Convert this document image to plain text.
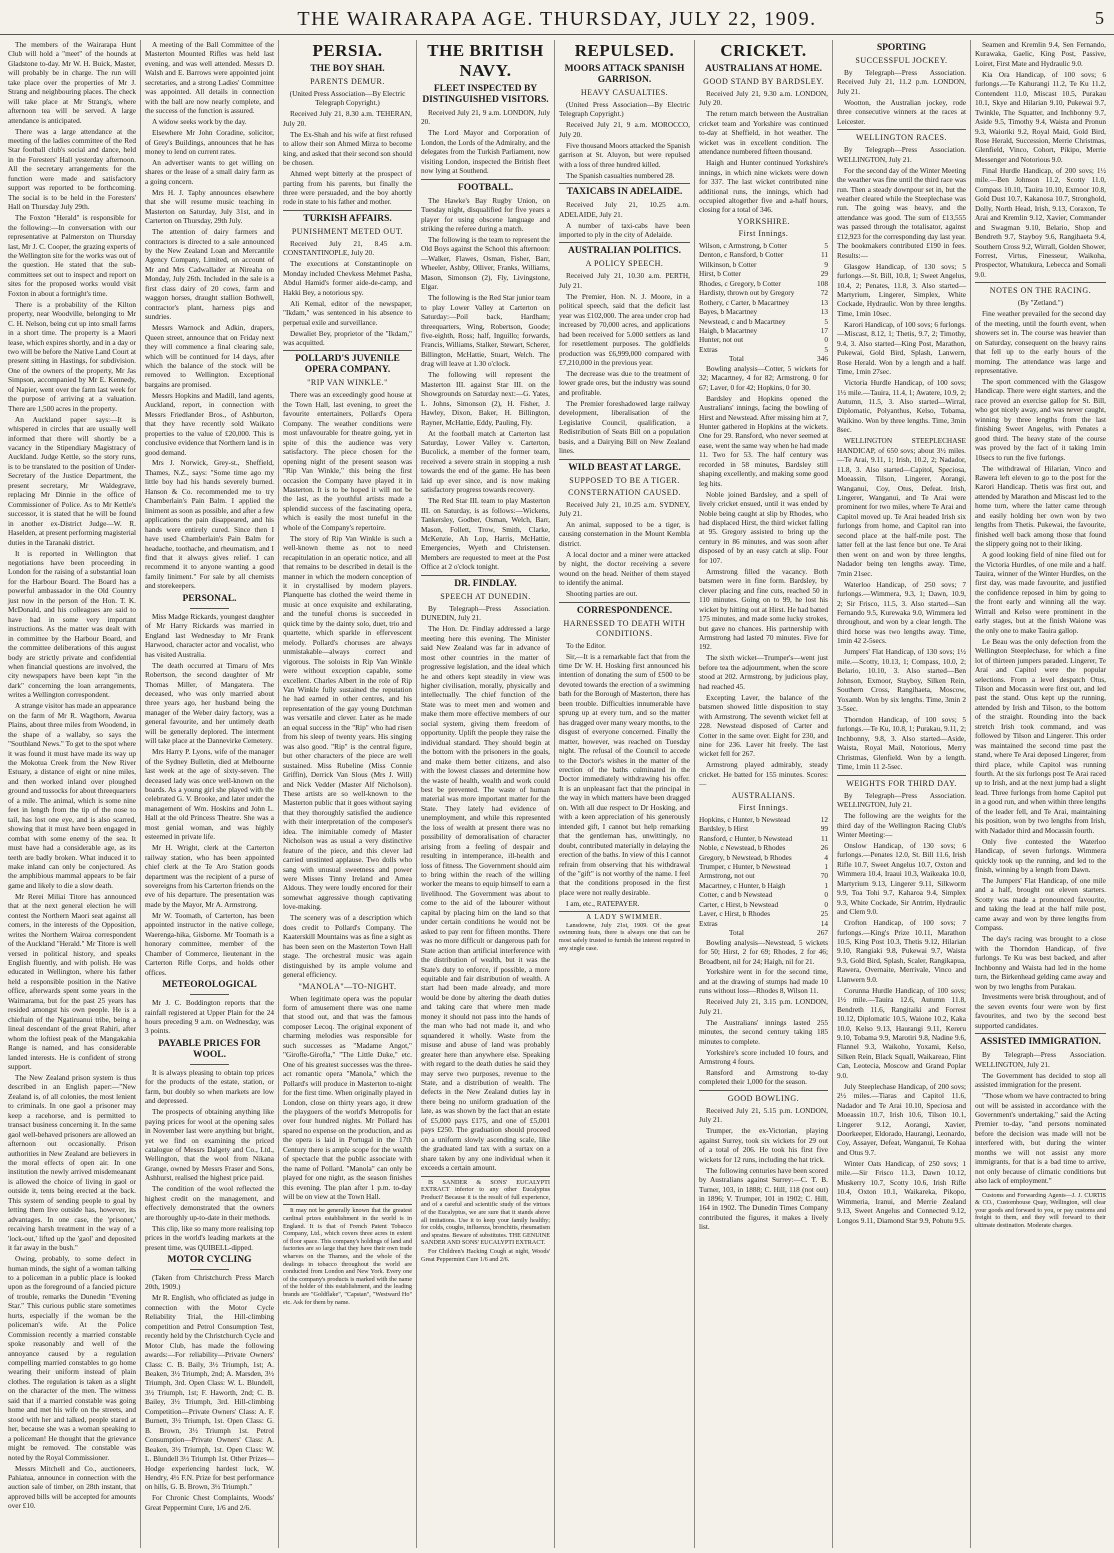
THE WAIRARAPA AGE. THURSDAY, JULY 22, 1909.	5

The members of the Wairarapa Hunt Club will hold a "meet" of the hounds at Gladstone to-day. Mr W. H. Buick, Master, will probably be in charge. The run will take place over the properties of Mr J. Strang and neighbouring places. The check will take place at Mr Strang's, where afternoon tea will be served. A large attendance is anticipated.

There was a large attendance at the meeting of the ladies committee of the Red Star football club's social and dance, held in the Foresters' Hall yesterday afternoon. All the secretary arrangements for the function were made and satisfactory support was reported to be forthcoming. The social is to be held in the Foresters' Hall on Thursday July 29th.

The Foxton "Herald" is responsible for the following:—In conversation with our representative at Palmerston on Thursday last, Mr J. C. Cooper, the grazing experts of the Wellington site for the works was out of the question. He stated that the sub-committees set out to inspect and report on sites for the proposed works would visit Foxton in about a fortnight's time.

There is a probability of the Kilton property, near Woodville, belonging to Mr C. H. Nelson, being cut up into small farms in a short time. The property is a Maori lease, which expires shortly, and in a day or two will be before the Native Land Court at present sitting in Hastings, for subdivision. One of the owners of the property, Mr Jas Simpson, accompanied by Mr E. Kennedy, of Napier, went over the farm last week for the purpose of arriving at a valuation. There are 1,500 acres in the property.

An Auckland paper says:—It is whispered in circles that are usually well informed that there will shortly be a vacancy in the Stipendiary Magistracy of Auckland. Judge Kettle, so the story runs, is to be translated to the position of Under-Secretary of the Justice Department, the present secretary, Mr Waldegrave, replacing Mr Dinnie in the office of Commissioner of Police. As to Mr Kettle's successor, it is stated that he will be found in another ex-District Judge—W. R. Haselden, at present performing magisterial duties in the Taranaki district.

It is reported in Wellington that negotiations have been proceeding in London for the raising of a substantial loan for the Harbour Board. The Board has a powerful ambassador in the Old Country just now in the person of the Hon. T. K. McDonald, and his colleagues are said to have had in some very important instructions. As the matter was dealt with in committee by the Harbour Board, and the committee deliberations of this august body are strictly private and confidential when financial questions are involved, the city newspapers have been kept "in the dark" concerning the loan arrangements, writes a Wellington correspondent.

A strange visitor has made an appearance on the farm of Mr R. Wagthorn, Awarua Plains, about three miles from Woodend, in the shape of a wallaby, so says the "Southland News." To get to the spot where it was found it must have made its way up the Mokotua Creek from the New River Estuary, a distance of eight or nine miles, and then worked inland over ploughed ground and tussocks for about threequarters of a mile. The animal, which is some nine feet in length from the tip of the nose to tail, has lost one eye, and is also scarred, showing that it must have been engaged in combat with some enemy of the sea. It must have had a considerable age, as its teeth are badly broken. What induced it to make inland can only be conjectured. As the amphibious mammal appears to be fair game and likely to die a slow death.

Mr Rerei Miliai Titore has announced that at the next general election he will contest the Northern Maori seat against all comers, in the interests of the Opposition, writes the Northern Wairoa correspondent of the Auckland "Herald." Mr Titore is well versed in political history, and speaks English fluently, and with polish. He was educated in Wellington, where his father held a responsible position in the Native office, afterwards spent some years in the Waimarama, but for the past 25 years has resided amongst his own people. He is a chieftain of the Ngatiruanui tribe, being a lineal descendant of the great Rahiri, after whom the loftiest peak of the Mangakahia Range is named, and has considerable landed interests. He is confident of strong support.

The New Zealand prison system is thus described in an English paper:—"New Zealand is, of all colonies, the most lenient to criminals. In one gaol a prisoner may keep a racehorse, and is permitted to transact business concerning it. In the same gaol well-behaved prisoners are allowed an afternoon out occasionally. Prison authorities in New Zealand are believers in the moral effects of open air. In one institution the newly arrived misdemeanant is allowed the choice of living in gaol or outside it, tents being erected at the back. This system of sending people to goal by letting them live outside has, however, its advantages. In one case, the 'prisoner,' recaiving harsh treatment in the way of a 'lock-out,' lifted up the 'gaol' and deposited it far away in the bush."

Owing, probably, to some defect in human minds, the sight of a woman talking to a policeman in a public place is looked upon as the foreground of a fancied picture of trouble, remarks the Dunedin "Evening Star." This curious public stare sometimes hurts, especially if the woman be the policeman's wife. At the Police Commission recently a married constable spoke reasonably and well of the annoyance caused by a regulation compelling married constables to go home wearing their uniform instead of plain clothes. The regulation is taken as a slight on the character of the men. The witness said that if a married constable was going home and met his wife on the streets, and stood with her and talked, people stared at her, because she was a woman speaking to a policeman! He thought that the grievance might be removed. The constable was noted by the Royal Commissioner.

Messrs Mitchell and Co., auctioneers, Pahiatua, announce in connection with the auction sale of timber, on 28th instant, that approved bills will be accepted for amounts over £10.

A meeting of the Ball Committee of the Masterton Mounted Rifles was held last evening, and was well attended. Messrs D. Walsh and E. Barrows were appointed joint secretaries, and a strong Ladies' Committee was appointed. All details in connection with the ball are now nearly complete, and the success of the function is assured.

A widow seeks work by the day.

Elsewhere Mr John Coradine, solicitor, of Grey's Buildings, announces that he has money to lend on current rates.

An advertiser wants to get willing on shares or the lease of a small dairy farm as a going concern.

Mrs H. J. Taphy announces elsewhere that she will resume music teaching in Masterton on Saturday, July 31st, and in Carterton on Thursday, 29th July.

The attention of dairy farmers and contractors is directed to a sale announced by the New Zealand Loan and Mercantile Agency Company, Limited, on account of Mr and Mrs Cadwallader at Nireaha on Monday, July 26th. Included in the sale is a first class dairy of 20 cows, farm and waggon horses, draught stallion Bothwell, contractor's plant, harness pigs and sundries.

Messrs Warnock and Adkin, drapers, Queen street, announce that on Friday next they will commence a final clearing sale, which will be continued for 14 days, after which the balance of the stock will be removed to Wellington. Exceptional bargains are promised.

Messrs Hopkins and Madill, land agents, Auckland, report, in connection with Messrs Friedlander Bros., of Ashburton, that they have recently sold Waikato properties to the value of £20,000. This is conclusive evidence that Northern land is in good demand.

Mrs J. Norwick, Grey-st., Sheffield, Thames, N.Z., says: "Some time ago my little boy had his hands severely burned. Hanson & Co. recommended me to try Chamberlain's Pain Balm. I applied the liniment as soon as possible, and after a few applications the pain disappeared, and his hands were entirely cured. Since then I have used Chamberlain's Pain Balm for headache, toothache, and rheumatism, and I find that it always gives relief. I can recommend it to anyone wanting a good family liniment." For sale by all chemists and storekeepers.

PERSONAL.

Miss Madge Rickards, youngest daughter of Mr Harry Rickards was married in England last Wednesday to Mr Frank Harwood, character actor and vocalist, who has visited Australia.

The death occurred at Timaru of Mrs Robertson, the second daughter of Mr Thomas Miller, of Mangatera. The deceased, who was only married about three years ago, her husband being the manager of the Weber dairy factory, was a general favourite, and her untimely death will be generally deplored. The interment will take place at the Dannevirke Cemetery.

Mrs Harry P. Lyons, wife of the manager of the Sydney Bulletin, died at Melbourne last week at the age of sixty-seven. The deceased lady was once well-known on the boards. As a young girl she played with the celebrated G. V. Brooke, and later under the management of Wm. Hoskins and John L. Hall at the old Princess Theatre. She was a most genial woman, and was highly esteemed in private life.

Mr H. Wright, clerk at the Carterton railway station, who has been appointed chief clerk at the Te Aro Station goods department was the recipient of a purse of sovereigns from his Carterton friends on the eve of his departure. The presentation was made by the Mayor, Mr A. Armstrong.

Mr W. Toomath, of Carterton, has been appointed instructor in the native college, Waerenga-hika, Gisborne. Mr Toomath is a honorary committee, member of the Chamber of Commerce, lieutenant in the Carterton Rifle Corps, and holds other offices.

METEOROLOGICAL

Mr J. C. Boddington reports that the rainfall registered at Upper Plain for the 24 hours preceding 9 a.m. on Wednesday, was 3 points.

PAYABLE PRICES FOR WOOL.

It is always pleasing to obtain top prices for the products of the estate, station, or farm, but doubly so when markets are low and depressed.

The prospects of obtaining anything like paying prices for wool at the opening sales in November last were anything but bright, yet we find on examining the priced catalogue of Messrs Dalgety and Co., Ltd., Wellington, that the wool from Nikana Grange, owned by Messrs Fraser and Sons, Ashhurst, realised the highest price paid.

The condition of the wool reflected the highest credit on the management, and effectively demonstrated that the owners are thoroughly up-to-date in their methods.

This clip, like so many more realising top prices in the world's leading markets at the present time, was QUIBELL-dipped.

MOTOR CYCLING

(Taken from Christchurch Press March 20th, 1909.)

Mr R. English, who officiated as judge in connection with the Motor Cycle Reliability Trial, the Hill-climbing competition and Petrol Consumption Test, recently held by the Christchurch Cycle and Motor Club, has made the following awards:—For reliability—Private Owners' Class: C. B. Baily, 3½ Triumph, 1st; A. Beaken, 3½ Triumph, 2nd; A. Marsden, 3½ Triumph, 3rd. Open Class: W. L. Blundell, 3½ Triumph, 1st; F. Haworth, 2nd; C. B. Bailey, 3½ Triumph, 3rd. Hill-climbing Competition—Private Owners' Class: A. F. Burnett, 3½ Triumph, 1st. Open Class: G. B. Brown, 3½ Triumph 1st. Petrol Consumption—Private Owners' Class: A. Beaken, 3½ Triumph, 1st. Open Class: W. L. Blundell 3½ Triumph 1st. Other Prizes—Hodge experiencing hardest luck, W. Hendry, 4½ F.N. Prize for best performance on hills, G. B. Brown, 3½ Triumph."

For Chronic Chest Complaints, Woods' Great Peppermint Cure, 1/6 and 2/6.

PERSIA.
THE BOY SHAH.
PARENTS DEMUR.

(United Press Association—By Electric Telegraph Copyright.)

Received July 21, 8.30 a.m. TEHERAN, July 20.

The Ex-Shah and his wife at first refused to allow their son Ahmed Mirza to become king, and asked that their second son should be chosen.

Ahmed wept bitterly at the prospect of parting from his parents, but finally the three were persuaded, and the boy ahortly rode in state to his father and mother.

TURKISH AFFAIRS.
PUNISHMENT METED OUT.

Received July 21, 8.45 a.m. CONSTANTINOPLE, July 20.

The executions at Constantinople on Monday included Chevkess Mehmet Pasha, Abdul Hamid's former aide-de-camp, and Hakki Bey, a notorious spy.

Ali Kemal, editor of the newspaper, "Ikdam," was sentenced in his absence to perpetual exile and surveillance.

Dewaliet Bey, proprietor of the "Ikdam," was acquitted.

POLLARD'S JUVENILE OPERA COMPANY.
"RIP VAN WINKLE."

There was an exceedingly good house at the Town Hall, last evening, to greet the favourite entertainers, Pollard's Opera Company. The weather conditions were most unfavourable for theatre going, yet in spite of this the audience was very satisfactory. The piece chosen for the opening night of the present season was "Rip Van Winkle," this being the first occasion the Company have played it in Masterton. It is to be hoped it will not be the last, as the youthful artists made a splendid success of the fascinating opera, which is easily the most tuneful in the whole of the Company's repertoire.

The story of Rip Van Winkle is such a well-known theme as not to need recapitulation in an operatic notice, and all that remains to be described in detail is the manner in which the modern conception of it in crystallised by modern players. Planquette has clothed the weird theme in music at once exquisite and exhilarating, and the tuneful chorus is succeeded in quick time by the dainty solo, duet, trio and quartette, which sparkle in effervescent melody. Pollard's choruses are always unmistakable—always correct and vigorous. The soloists in Rip Van Winkle were without exception capable, some excellent. Charles Albert in the role of Rip Van Winkle fully sustained the reputation he had earned in other centres, and his representation of the gay young Dutchman was versatile and clever. Later as he made an equal success in the "Rip" who had risen from his sleep of twenty years. His singing was also good. "Rip" is the central figure, but other characters of the piece are well sustained. Miss Rubeline (Miss Connie Griffin), Derrick Van Slous (Mrs J. Will) and Nick Vedder (Master Alf Nicholson). These artists are so well-known to the Masterton public that it goes without saying that they thoroughly satisfied the audience with their interpretation of the composer's idea. The inimitable comedy of Master Nicholson was as usual a very distinctive feature of the piece, and this clever lad carried unstinted applause. Two dolls who sang with unusual sweetness and power were Misses Tinny Ireland and Amea Aldous. They were loudly encored for their somewhat aggressive though captivating love-making.

The scenery was of a description which does credit to Pollard's Company. The Kaaterskill Mountains was as fine a sight as has been seen on the Masterton Town Hall stage. The orchestral music was again distinguished by its ample volume and general efficiency.

"MANOLA"—TO-NIGHT.

When legitimate opera was the popular form of amusement there was one name that stood out, and that was the famous composer Lecoq. The original exponent of charming melodies was responsible for such successes as "Madame Angot," "Girofle-Girofla," "The Little Duke," etc. One of his greatest successes was the three-act romantic opera "Manola," which the Pollard's will produce in Masterton to-night for the first time. When originally played in London, close on thirty years ago, it drew the playgoers of the world's Metropolis for over four hundred nights. Mr Pollard has spared no expense on the production, and as the opera is laid in Portugal in the 17th Century there is ample scope for the wealth of spectacle that the public associate with the name of Pollard. "Manola" can only be played for one night, as the season finishes this evening. The plan after 1 p.m. to-day will be on view at the Town Hall.

It may not be generally known that the greatest cardinal prizes establishment in the world is in England. It is that of French Patent Tobacco Company, Ltd., which covers three acres in extent of floor space. This company's holdings of land and factories are so large that they have their own trade wharves on the Thames, and the whole of the dealings in tobacco throughout the world are conducted from London and New York. Every one of the company's products is marked with the name of the holder of this establishment, and the leading brands are "Goldflake", "Capstan", "Westward Ho" etc. Ask for them by name.

THE BRITISH NAVY.
FLEET INSPECTED BY DISTINGUISHED VISITORS.

Received July 21, 9 a.m. LONDON, July 20.

The Lord Mayor and Corporation of London, the Lords of the Admiralty, and the delegates from the Turkish Parliament, now visiting London, inspected the British fleet now lying at Southend.

FOOTBALL.

The Hawke's Bay Rugby Union, on Tuesday night, disqualified for five years a player for using obscene language and striking the referee during a match.

The following is the team to represent the Old Boys against the School this afternoon:—Walker, Flawes, Osman, Fisher, Barr, Wheeler, Ashby, Olliver, Franks, Williams, Mason, Simonson (2), Fly, Livingstone, Elgar.

The following is the Red Star junior team to play Lower Valley at Carterton on Saturday:—Poil back, Hardham; threequarters, Wing, Robertson, Goode; five-eighth, Ross; half, Inguillo; forwards, Francis, Williams, Stalker, Stewart, Scherer, Billington, McHattie, Stuart, Welch. The drag will leave at 1.30 o'clock.

The following will represent the Masterton III. against Star III. on the Showgrounds on Saturday next:—G. Yates, L. Johns, Simonson (2), H. Fisher, J. Hawley, Dixon, Baker, H. Billington, Rayner, McHattie, Eddy, Pauling, Fly.

At the football match at Carterton last Saturday, Lower Valley v. Carterton, Bucolick, a member of the former team, received a severe strain in stopping a rush towards the end of the game. He has been laid up ever since, and is now making satisfactory progress towards recovery.

The Red Star III. team to play Masterton III. on Saturday, is as follows:—Wickens, Tankersley, Godber, Osman, Welch, Barr, Mason, Follett, Trow, Smith, Clarke, McKenzie, Ah Lop, Harris, McHattie, Emergencies, Wyeth and Christensen. Members are requested to meet at the Post Office at 2 o'clock tonight.

DR. FINDLAY.
SPEECH AT DUNEDIN.

By Telegraph—Press Association. DUNEDIN, July 21.

The Hon. Dr. Findlay addressed a large meeting here this evening. The Minister said New Zealand was far in advance of most other countries in the matter of progressive legislation, and the ideal which he and others kept steadily in view was higher civilisation, morally, physically and intellectually. The chief function of the State was to meet men and women and make them more effective members of our social system, giving them freedom of opportunity. Uplift the people they raise the individual standard. They should begin at the bottom with the prisoners in the goals, and make them better citizens, and also with the lowest classes and determine how the waste of health, wealth and work could best be prevented. The waste of human material was more important matter for the State. They lately had evidence of unemployment, and while this represented the loss of wealth at present there was no possibility of demoralisation of character arising from a feeling of despair and resulting in intemperance, ill-health and loss of fitness. The Government should aim to bring within the reach of the willing worker the means to equip himself to earn a livelihood. The Government was about to come to the aid of the labourer without capital by placing him on the land so that under certain conditions he would not be asked to pay rent for fifteen months. There was no more difficult or dangerous path for State action than artificial interference with the distribution of wealth, but it was the State's duty to enforce, if possible, a more equitable and fair distribution of wealth. A start had been made already, and more would be done by altering the death duties and taking care that where men made money it should not pass into the hands of the man who had not made it, and who squandered it wholly. Waste from the misuse and abuse of land was probably greater here than anywhere else. Speaking with regard to the death duties he said they may serve two purposes, revenue to the State, and a distribution of wealth. The defects in the New Zealand duties lay in there being no uniform graduation of the late, as was shown by the fact that an estate of £5,000 pays £175, and one of £5,001 pays £250. The graduation should proceed on a uniform slowly ascending scale, like the graduated land tax with a surtax on a share taken by any one individual when it exceeds a certain amount.

IS SANDER & SONS' EUCALYPTI EXTRACT inferior to any other Eucalyptus Product? Because it is the result of full experience, and of a careful and scientific study of the virtues of the Eucalyptus, we are sure that it stands above all imitations. Use it to keep your family healthy; for colds, coughs, influenza, bronchitis, rheumatism and sprains. Beware of substitutes. THE GENUINE SANDER AND SONS' EUCALYPTI EXTRACT.

For Children's Hacking Cough at night, Woods' Great Peppermint Cure 1/6 and 2/6.

REPULSED.
MOORS ATTACK SPANISH GARRISON.
HEAVY CASUALTIES.

(United Press Association—By Electric Telegraph Copyright.)

Received July 21, 9 a.m. MOROCCO, July 20.

Five thousand Moors attacked the Spanish garrison at St. Aluyon, but were repulsed with a loss of three hundred killed.

The Spanish casualties numbered 28.

TAXICABS IN ADELAIDE.

Received July 21, 10.25 a.m. ADELAIDE, July 21.

A number of taxi-cabs have been imported to ply in the city of Adelaide.

AUSTRALIAN POLITICS.
A POLICY SPEECH.

Received July 21, 10.30 a.m. PERTH, July 21.

The Premier, Hon. N. J. Moore, in a political speech, said that the deficit last year was £102,000. The area under crop had increased by 70,000 acres, and applications had been received for 5.000 settlers as land for resettlement purposes. The goldfields production was £6,999,000 compared with £7,210,000 in the previous year.

The decrease was due to the treatment of lower grade ores, but the industry was sound and profitable.

The Premier foreshadowed large railway development, liberalisation of the Legislative Council, qualification, a Redistribution of Seats Bill on a population basis, and a Dairying Bill on New Zealand lines.

WILD BEAST AT LARGE.
SUPPOSED TO BE A TIGER.
CONSTERNATION CAUSED.

Received July 21, 10.25 a.m. SYDNEY, July 21.

An animal, supposed to be a tiger, is causing consternation in the Mount Kembla district.

A local doctor and a miner were attacked by night, the doctor receiving a severe wound on the head. Neither of them stayed to identify the animal.

Shooting parties are out.

CORRESPONDENCE.
HARNESSED TO DEATH WITH CONDITIONS.

To the Editor.

Sir,—It is a remarkable fact that from the time Dr W. H. Hosking first announced his intention of donating the sum of £500 to be devoted towards the erection of a swimming bath for the Borough of Masterton, there has been trouble. Difficulties innumerable have sprung up at every turn, and so the matter has dragged over many weary months, to the disgust of everyone concerned. Finally the matter, however, was reached on Tuesday night. The refusal of the Council to accede to the Doctor's wishes in the matter of the erection of the baths culminated in the Doctor immediately withdrawing his offer. It is an unpleasant fact that the principal in the way in which matters have been dragged on. With all due respect to Dr Hosking, and with a keen appreciation of his generously intended gift, I cannot but help remarking that the gentleman has, unwittingly, no doubt, contributed materially in delaying the erection of the baths. In view of this I cannot refrain from observing that his withdrawal of the "gift" is not worthy of the name. I feel that the conditions proposed in the first place were not really desirable.

I am, etc., RATEPAYER.

A LADY SWIMMER.

Lansdowne, July 21st, 1909. Of the great swimming feats, there is always one that can be most safely trusted to furnish the interest required in any single case.

CRICKET.
AUSTRALIANS AT HOME.
GOOD STAND BY BARDSLEY.

Received July 21, 9.30 a.m. LONDON, July 20.

The return match between the Australian cricket team and Yorkshire was continued to-day at Sheffield, in hot weather. The wicket was in excellent condition. The attendance numbered fifteen thousand.

Haigh and Hunter continued Yorkshire's innings, in which nine wickets were down for 337. The last wicket contributed nine additional runs, the innings, which had occupied altogether five and a-half hours, closing for a total of 346.

YORKSHIRE.
First Innings.
Wilson, c Armstrong, b Cotter	5
Denton, c Ransford, b Cotter	11
Wilkinson, b Cotter	9
Hirst, b Cotter	29
Rhodes, c Gregory, b Cotter	108
Hardisty, thrown out by Gregory	72
Rothery, c Carter, b Macartney	13
Bayes, b Macartney	13
Newstead, c and b Macartney	5
Haigh, b Macartney	17
Hunter, not out	0
Extras	5
Total	346

Bowling analysis—Cotter, 5 wickets for 32; Macartney, 4 for 82; Armstrong, 0 for 67; Laver, 0 for 42; Hopkins, 0 for 30.

Bardsley and Hopkins opened the Australians' innings, facing the bowling of Hirst and Newstead. After missing him at 7, Hunter gathered in Hopkins at the wickets. One for 29. Ransford, who never seemed at ease, went the same way when he had made 11. Two for 53. The half century was recorded in 58 minutes, Bardsley still shaping excellently, and making some good leg hits.

Noble joined Bardsley, and a spell of lively cricket ensued, until it was ended by Noble being caught at slip by Rhodes, who had displaced Hirst, the third wicket falling at 95. Gregory assisted to bring up the century in 86 minutes, and was soon after disposed of by an easy catch at slip. Four for 107.

Armstrong filled the vacancy. Both batsmen were in fine form. Bardsley, by clever placing and fine cuts, reached 50 in 110 minutes. Going on to 99, he lost his wicket by hitting out at Hirst. He had batted 175 minutes, and made some lucky strokes, but gave no chances. His partnership with Armstrong had lasted 70 minutes. Five for 192.

The sixth wicket—Trumper's—went just before tea the adjournment, when the score stood at 202. Armstrong, by judicious play, had reached 45.

Excepting Laver, the balance of the batsmen showed little disposition to stay with Armstrong. The seventh wicket fell at 228. Newstead disposed of Carter and Cotter in the same over. Eight for 230, and nine for 236. Laver hit freely. The last wicket fell for 267.

Armstrong played admirably, steady cricket. He batted for 155 minutes. Scores:—

AUSTRALIANS.
First Innings.
Hopkins, c Hunter, b Newstead	12
Bardsley, b Hirst	99
Ransford, c Hunter, b Newstead	11
Noble, c Newstead, b Rhodes	26
Gregory, b Newstead, b Rhodes	4
Trumper, c Hunter, b Newstead	1
Armstrong, not out	70
Macartney, c Hunter, b Haigh	1
Cotter, c and b Newstead	0
Carter, c Hirst, b Newstead	0
Laver, c Hirst, b Rhodes	25
Extras	14
Total	267

Bowling analysis—Newstead, 5 wickets for 50; Hirst, 2 for 69; Rhodes, 2 for 46; Broadbent, nil for 24; Haigh, nil for 21.

Yorkshire went in for the second time, and at the drawing of stumps had made 10 runs without loss—Rhodes 8, Wilson 11.

Received July 21, 3.15 p.m. LONDON, July 21.

The Australians' innings lasted 255 minutes, the second century taking 185 minutes to complete.

Yorkshire's score included 10 fours, and Armstrong 4 fours.

Ransford and Armstrong to-day completed their 1,000 for the season.

GOOD BOWLING.

Received July 21, 5.15 p.m. LONDON, July 21.

Trumper, the ex-Victorian, playing against Surrey, took six wickets for 29 out of a total of 206. He took his first five wickets for 12 runs, including the hat trick.

The following centuries have been scored by Australians against Surrey:—C. T. B. Turner, 103, in 1888; C. Hill, 118 (not out) in 1896; V. Trumper, 101 in 1902; C. Hill, 164 in 1902. The Dunedin Times Company contributed the figures, it makes a lively list.

SPORTING
SUCCESSFUL JOCKEY.

By Telegraph—Press Association. Received July 21, 11.2 p.m. LONDON, July 21.

Wootton, the Australian jockey, rode three consecutive winners at the races at Leicester.

WELLINGTON RACES.

By Telegraph—Press Association. WELLINGTON, July 21.

For the second day of the Winter Meeting the weather was fine until the third race was run. Then a steady downpour set in, but the weather cleared while the Steeplechase was run. The going was heavy, and the attendance was good. The sum of £13,555 was passed through the totalisator, against £12,923 for the corresponding day last year. The bookmakers contributed £190 in fees. Results:—

Glasgow Handicap, of 130 sovs; 5 furlongs.—St. Bill, 10.8, 1; Sweet Angelus, 10.4, 2; Penates, 11.8, 3. Also started—Martyrium, Lingerer, Simplex, White Cockade, Hydraulic. Won by three lengths. Time, 1min 10sec.

Karori Handicap, of 100 sovs; 6 furlongs.—Miscast, 8.12, 1; Thetis, 9.7, 2; Timothy, 9.4, 3. Also started—King Post, Marathon, Pukewai, Gold Bird, Splash, Lanwern, Rose Herald. Won by a length and a half. Time, 1min 27sec.

Victoria Hurdle Handicap, of 100 sovs; 1½ mile.—Tauira, 11.4, 1; Awatere, 10.9, 2; Autumn, 11.5, 3. Also started—Wirral, Diplomatic, Polyanthus, Kelso, Tobama, Waikino. Won by three lengths. Time, 3min 8sec.

WELLINGTON STEEPLECHASE HANDICAP, of 650 sovs; about 3½ miles.—Te Arai, 9.11, 1; Irish, 10.2, 2; Nadador, 11.8, 3. Also started—Capitol, Speciosa, Moeassin, Tilson, Lingerer, Aorangi, Wanganui, Coy, Otus, Defeat. Irish, Lingerer, Wanganui, and Te Arai were prominent for two miles, where Te Arai and Capitol moved up. Te Arai headed Irish six furlongs from home, and Capitol ran into second place at the half-mile post. The latter fell at the last fence but one. Te Arai then went on and won by three lengths, Nadador being ten lengths away. Time, 7min 21sec.

Waterloo Handicap, of 250 sovs; 7 furlongs.—Wimmera, 9.3, 1; Dawn, 10.9, 2; Sir Frisco, 11.5, 3. Also started—San Fernando 9.5, Kurewaka 9.0, Wimmera led throughout, and won by a clear length. The third horse was two lengths away. Time, 1min 42 2-5secs.

Jumpers' Flat Handicap, of 130 sovs; 1½ mile.—Scotty, 10.13, 1; Compass, 10.0, 2; Belario, 10.10, 3. Also started—Ben Johnson, Exmoor, Stayboy, Silken Rein, Southern Cross, Rangihaeta, Moscow, Yoxamb. Won by six lengths. Time, 3min 2 3-5sec.

Thorndon Handicap, of 100 sovs; 5 furlongs.—Te Ku, 10.8, 1; Purakau, 9.11, 2; Inchbonny, 9.8, 3. Also started—Aside, Waista, Royal Mail, Notorious, Merry Christmas, Glenfield. Won by a length. Time, 1min 11 2-5sec.

WEIGHTS FOR THIRD DAY.

By Telegraph—Press Association. WELLINGTON, July 21.

The following are the weights for the third day of the Wellington Racing Club's Winter Meeting:—

Onslow Handicap, of 130 sovs; 6 furlongs.—Penates 12.0, St. Bill 11.6, Irish Rifle 10.7, Sweet Angelus 10.7, Oxton and Wimmera 10.4, Iraaui 10.3, Waikeaka 10.0, Martyrium 9.13, Lingerer 9.11, Silkworm 9.9, Toa Tohi 9.7, Kaharoa 9.4, Simplex 9.3, White Cockade, Sir Antrim, Hydraulic and Clem 9.0.

Crofton Handicap, of 100 sovs; 7 furlongs.—King's Prize 10.11, Marathon 10.5, King Post 10.3, Thetis 9.12, Hilarian 9.10, Rangiaki 9.8, Pukewai 9.7, Waista 9.3, Gold Bird, Splash, Scaler, Rangikapua, Rawera, Overnaite, Merrivale, Vinco and Llanwern 9.0.

Corunna Hurdle Handicap, of 100 sovs; 1½ mile.—Tauira 12.6, Autumn 11.8, Bendreth 11.6, Rangitaiki and Forrest 10.12, Diplomatic 10.5, Waione 10.2, Kaka 10.0, Kelso 9.13, Haurangi 9.11, Kereru 9.10, Tobama 9.9, Marotiri 9.8, Nadine 9.6, Flannel 9.3, Waikoho, Yoxami, Kelso, Silken Rein, Black Squall, Waikareao, Flint Can, Leotecia, Moscow and Grand Poplar 9.0.

July Steeplechase Handicap, of 200 sovs; 2½ miles.—Tiaras and Capitol 11.6, Nadador and Te Arai 10.10, Speciosa and Moeassin 10.7, Irish 10.6, Tilson 10.1, Lingerer 9.12, Aorangi, Xavier, Doorkeeper, Eldorado, Haurangi, Leonardo, Coy, Assayer, Defeat, Wanganui, Te Kohaa and Otus 9.7.

Winter Oats Handicap, of 250 sovs; 1 mile.—Sir Frisco 11.3, Dawn 10.12, Muskerry 10.7, Scotty 10.6, Irish Rifle 10.4, Oxton 10.1, Waikareka, Pikopo, Wimmeria, Iranui, and Merrie Zealand 9.13, Sweet Angelus and Connected 9.12, Longos 9.11, Diamond Star 9.9, Pohutu 9.5.

Seamen and Kremlin 9.4, Sen Fernando, Kurawaka, Gaelic, King Post, Passive, Loiret, First Mate and Hydraulic 9.0.

Kia Ora Handicap, of 100 sovs; 6 furlongs.—Te Kahurangi 11.2, Te Ku 11.2, Contendent 11.0, Miscast 10.5, Purakau 10.1, Skye and Hilarian 9.10, Pukewai 9.7, Twinkle, The Squatter, and Inchbonny 9.7, Aside 9.5, Timothy 9.4, Waista and Pronun 9.3, Waioriki 9.2, Royal Maid, Gold Bird, Rose Herald, Succession, Merrie Christmas, Glenfield, Vinco, Cohort, Pikipo, Merrie Messenger and Notorious 9.0.

Final Hurdle Handicap, of 200 sovs; 1½ mile.—Ben Johnson 11.2, Scotty 11.0, Compass 10.10, Tauira 10.10, Exmoor 10.8, Gold Dust 10.7, Kakanosa 10.7, Stronghold, Dolly, North Head, Irish, 9.13, Coraxon, Te Arai and Kremlin 9.12, Xavier, Commander and Swagman 9.10, Belario, Shop and Bendreth 9.7, Stayboy 9.6, Rangihaeta 9.4, Southern Cross 9.2, Wirrall, Golden Shower, Forrest, Virtus, Finesseur, Waikoha, Prospector, Whatukura, Lebecca and Somali 9.0.

NOTES ON THE RACING.

(By "Zetland.")

Fine weather prevailed for the second day of the meeting, until the fourth event, when showers set in. The course was heavier than on Saturday, consequent on the heavy rains that fell up to the early hours of the morning. The attendance was large and representative.

The sport commenced with the Glasgow Handicap. There were eight starters, and the race proved an exercise gallop for St. Bill, who got nicely away, and was never caught, winning by three lengths from the last finishing Sweet Angelus, with Penates a good third. The heavy state of the course was proved by the fact of it taking 1min 10secs to run the five furlongs.

The withdrawal of Hilarian, Vinco and Rawera left eleven to go to the post for the Karori Handicap. Thetis was first out, and attended by Marathon and Miscast led to the home turn, where the latter came through and easily holding her own won by two lengths from Thetis. Pukewai, the favourite, finished well back among those that found the slippery going not to their liking.

A good looking field of nine filed out for the Victoria Hurdles, of one mile and a half. Tauira, winner of the Winter Hurdles, on the first day, was made favourite, and justified the confidence reposed in him by going to the front early and winning all the way. Wirrall and Kelso were prominent in the early stages, but at the finish Waione was the only one to make Tauira gallop.

Le Beau was the only defection from the Wellington Steeplechase, for which a fine lot of thirteen jumpers paraded. Lingerer, Te Arai and Capitol were the popular selections. From a level despatch Otus, Tilson and Mocassin were first out, and led past the stand. Otus kept up the running, attended by Irish and Tilson, to the bottom of the straight. Rounding into the back stretch Irish took command, and was followed by Tilson and Lingerer. This order was maintained the second time past the stand, where Te Arai deposed Lingerer, from third place, while Capitol was running fourth. At the six furlongs post Te Arai raced up to Irish, and at the next jump had a slight lead. Three furlongs from home Capitol put in a good run, and when within three lengths of the leader fell, and Te Arai, maintaining his position, won by two lengths from Irish, with Nadador third and Mocassin fourth.

Only five contested the Waterloo Handicap, of seven furlongs. Wimmera quickly took up the running, and led to the finish, winning by a length from Dawn.

The Jumpers' Flat Handicap, of one mile and a half, brought out eleven starters. Scotty was made a pronounced favourite, and taking the lead at the half mile post, came away and won by three lengths from Compass.

The day's racing was brought to a close with the Thorndon Handicap, of five furlongs. Te Ku was best backed, and after Inchbonny and Waista had led in the home turn, the Birkenhead gelding came away and won by two lengths from Purakau.

Investments were brisk throughout, and of the seven events four were won by first favourites, and two by the second best supported candidates.

ASSISTED IMMIGRATION.

By Telegraph—Press Association. WELLINGTON, July 21.

The Government has decided to stop all assisted immigration for the present.

"Those whom we have contracted to bring out will be assisted in accordance with the Government's undertaking," said the Acting Premier to-day, "and persons nominated before the decision was made will not be interfered with, but during the winter months we will not assist any more immigrants, for that is a bad time to arrive, not only because of climatic conditions but also lack of employment."

Customs and Forwarding Agents—J. J. CURTIS & CO., Customhouse Quay, Wellington, will clear your goods and forward to you, or pay customs and freight to them, and they will forward to their ultimate destination. Moderate charges.
